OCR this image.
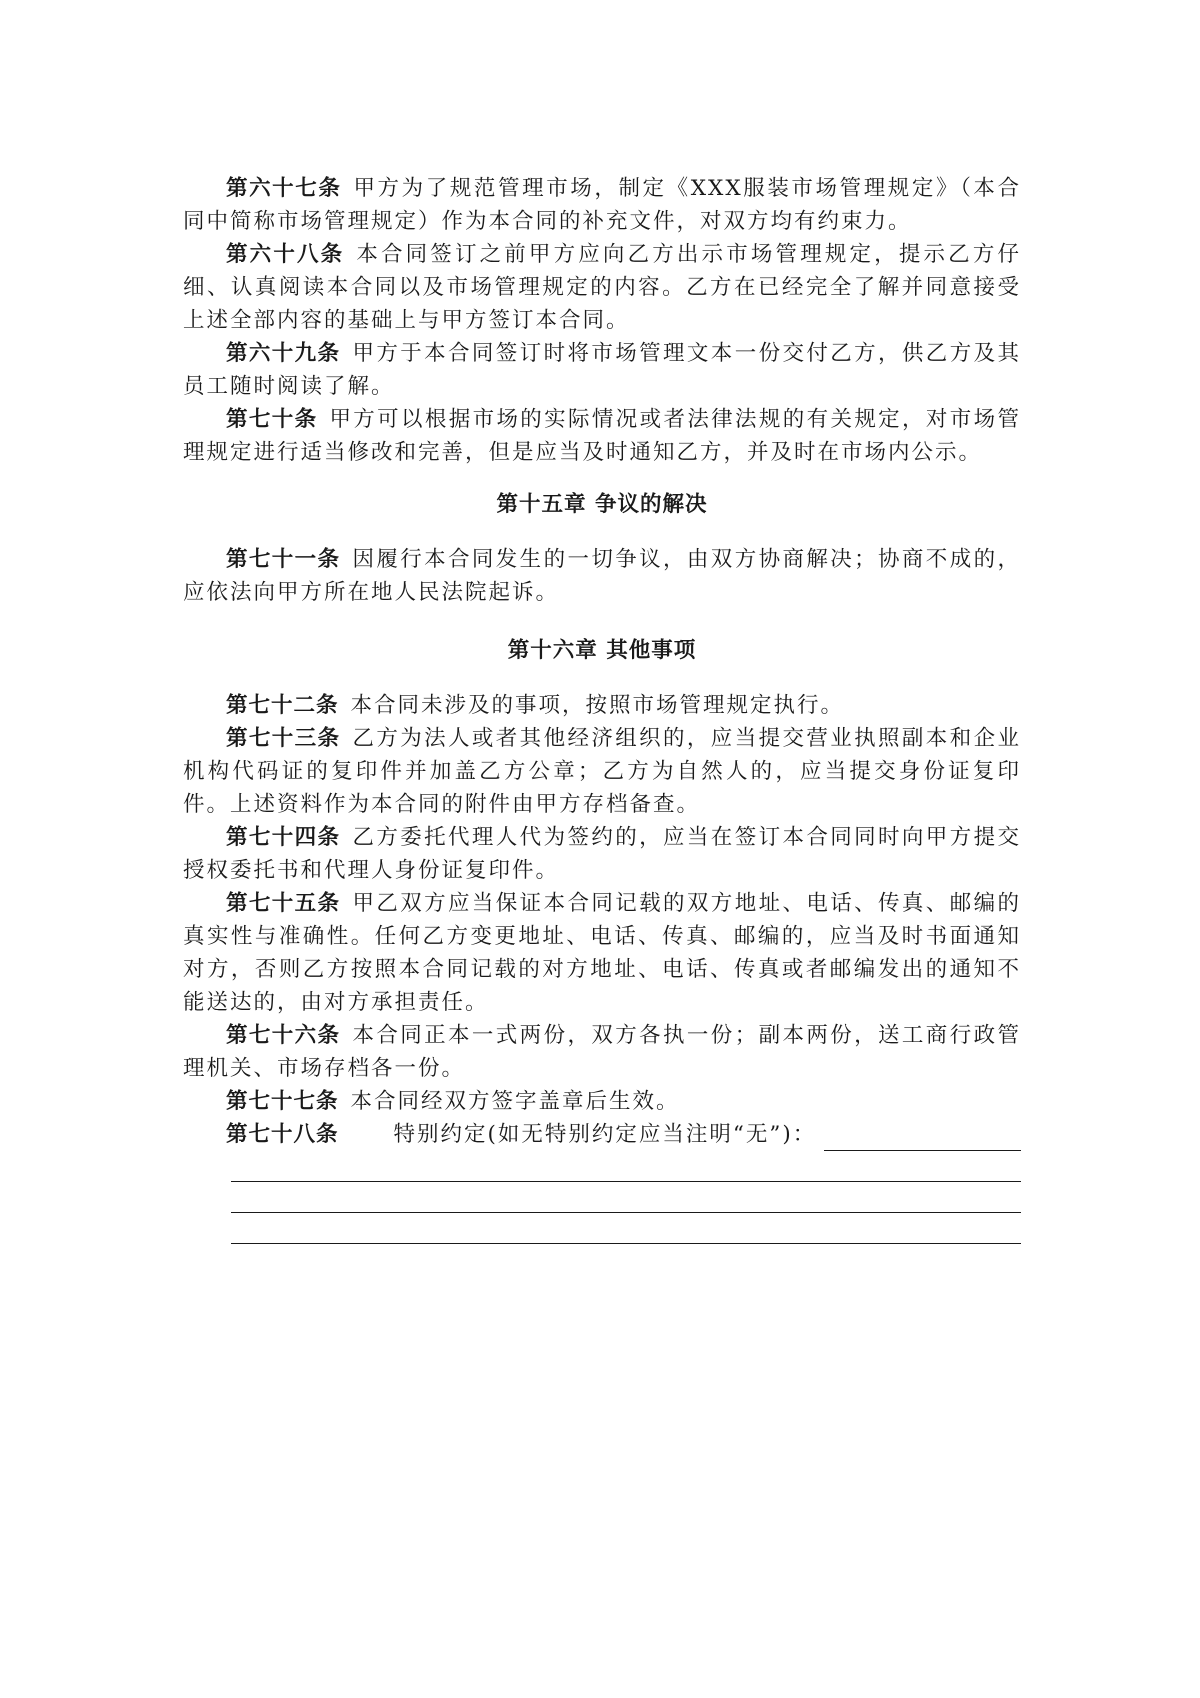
第六十七条 甲方为了规范管理市场，制定《XXX服装市场管理规定》（本合同中简称市场管理规定）作为本合同的补充文件，对双方均有约束力。

第六十八条 本合同签订之前甲方应向乙方出示市场管理规定，提示乙方仔细、认真阅读本合同以及市场管理规定的内容。乙方在已经完全了解并同意接受上述全部内容的基础上与甲方签订本合同。

第六十九条 甲方于本合同签订时将市场管理文本一份交付乙方，供乙方及其员工随时阅读了解。

第七十条 甲方可以根据市场的实际情况或者法律法规的有关规定，对市场管理规定进行适当修改和完善，但是应当及时通知乙方，并及时在市场内公示。

第十五章 争议的解决

第七十一条 因履行本合同发生的一切争议，由双方协商解决；协商不成的，应依法向甲方所在地人民法院起诉。

第十六章 其他事项

第七十二条 本合同未涉及的事项，按照市场管理规定执行。

第七十三条 乙方为法人或者其他经济组织的，应当提交营业执照副本和企业机构代码证的复印件并加盖乙方公章；乙方为自然人的，应当提交身份证复印件。上述资料作为本合同的附件由甲方存档备查。

第七十四条 乙方委托代理人代为签约的，应当在签订本合同同时向甲方提交授权委托书和代理人身份证复印件。

第七十五条 甲乙双方应当保证本合同记载的双方地址、电话、传真、邮编的真实性与准确性。任何乙方变更地址、电话、传真、邮编的，应当及时书面通知对方，否则乙方按照本合同记载的对方地址、电话、传真或者邮编发出的通知不能送达的，由对方承担责任。

第七十六条 本合同正本一式两份，双方各执一份；副本两份，送工商行政管理机关、市场存档各一份。

第七十七条 本合同经双方签字盖章后生效。

第七十八条	特别约定(如无特别约定应当注明“无”)：
